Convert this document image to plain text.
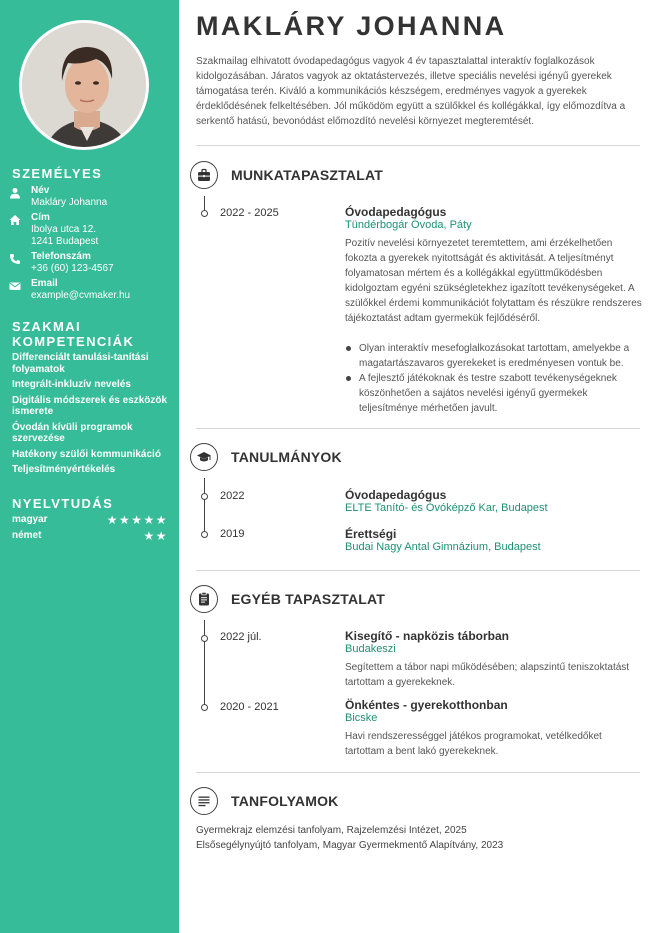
SZEMÉLYES
Név
Makláry Johanna
Cím
Ibolya utca 12.
1241 Budapest
Telefonszám
+36 (60) 123-4567
Email
example@cvmaker.hu
SZAKMAI
KOMPETENCIÁK
Differenciált tanulási-tanítási folyamatok
Integrált-inkluzív nevelés
Digitális módszerek és eszközök ismerete
Óvodán kívüli programok szervezése
Hatékony szülői kommunikáció
Teljesítményértékelés
NYELVTUDÁS
magyar	★★★★★
német	★★
MAKLÁRY JOHANNA
Szakmailag elhivatott óvodapedagógus vagyok 4 év tapasztalattal interaktív foglalkozások kidolgozásában. Járatos vagyok az oktatástervezés, illetve speciális nevelési igényű gyerekek támogatása terén. Kiváló a kommunikációs készségem, eredményes vagyok a gyerekek érdeklődésének felkeltésében. Jól működöm együtt a szülőkkel és kollégákkal, így előmozdítva a serkentő hatású, bevonódást előmozdító nevelési környezet megteremtését.
MUNKATAPASZTALAT
2022 - 2025	Óvodapedagógus
Tündérbogár Óvoda, Páty
Pozitív nevelési környezetet teremtettem, ami érzékelhetően fokozta a gyerekek nyitottságát és aktivitását. A teljesítményt folyamatosan mértem és a kollégákkal együttműködésben kidolgoztam egyéni szükségletekhez igazított tevékenységeket. A szülőkkel érdemi kommunikációt folytattam és részükre rendszeres tájékoztatást adtam gyermekük fejlődéséről.
Olyan interaktív mesefoglalkozásokat tartottam, amelyekbe a magatartászavaros gyerekeket is eredményesen vontuk be.
A fejlesztő játékoknak és testre szabott tevékenységeknek köszönhetően a sajátos nevelési igényű gyermekek teljesítménye mérhetően javult.
TANULMÁNYOK
2022	Óvodapedagógus
ELTE Tanító- és Óvóképző Kar, Budapest
2019	Érettségi
Budai Nagy Antal Gimnázium, Budapest
EGYÉB TAPASZTALAT
2022 júl.	Kisegítő - napközis táborban
Budakeszi
Segítettem a tábor napi működésében; alapszintű teniszoktatást tartottam a gyerekeknek.
2020 - 2021	Önkéntes - gyerekotthonban
Bicske
Havi rendszerességgel játékos programokat, vetélkedőket tartottam a bent lakó gyerekeknek.
TANFOLYAMOK
Gyermekrajz elemzési tanfolyam, Rajzelemzési Intézet, 2025
Elsősegélynyújtó tanfolyam, Magyar Gyermekmentő Alapítvány, 2023
